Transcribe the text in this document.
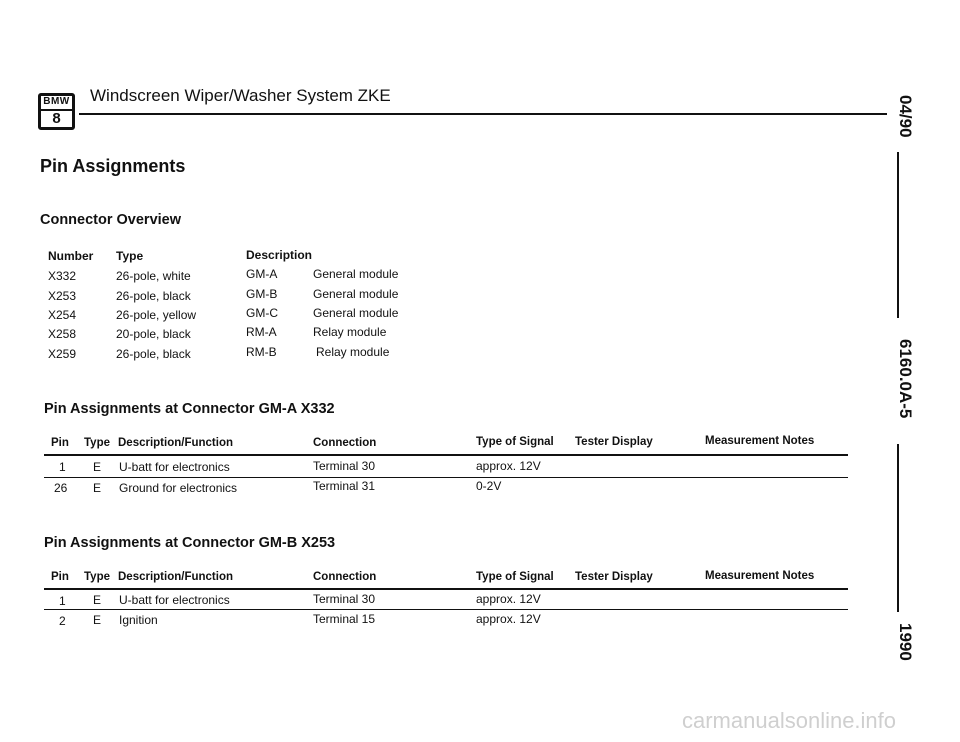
BMW
8
Windscreen Wiper/Washer System ZKE
Pin Assignments
Connector Overview
Number Type	Description
X332	26-pole, white	GM-A	General module
X253	26-pole, black	GM-B	General module
X254	26-pole, yellow	GM-C	General module
X258	20-pole, black	RM-A	Relay module
X259	26-pole, black	RM-B	Relay module
Pin Assignments at Connector GM-A X332
Pin Type Description/Function	Connection	Type of Signal Tester Display	Measurement Notes
1 E U-batt for electronics	Terminal 30	approx. 12V
26 E Ground for electronics	Terminal 31	0-2V
Pin Assignments at Connector GM-B X253
Pin Type Description/Function	Connection	Type of Signal Tester Display	Measurement Notes
1 E U-batt for electronics	Terminal 30	approx. 12V
2 E Ignition	Terminal 15	approx. 12V
04/90
6160.0A-5
1990
carmanualsonline.info
